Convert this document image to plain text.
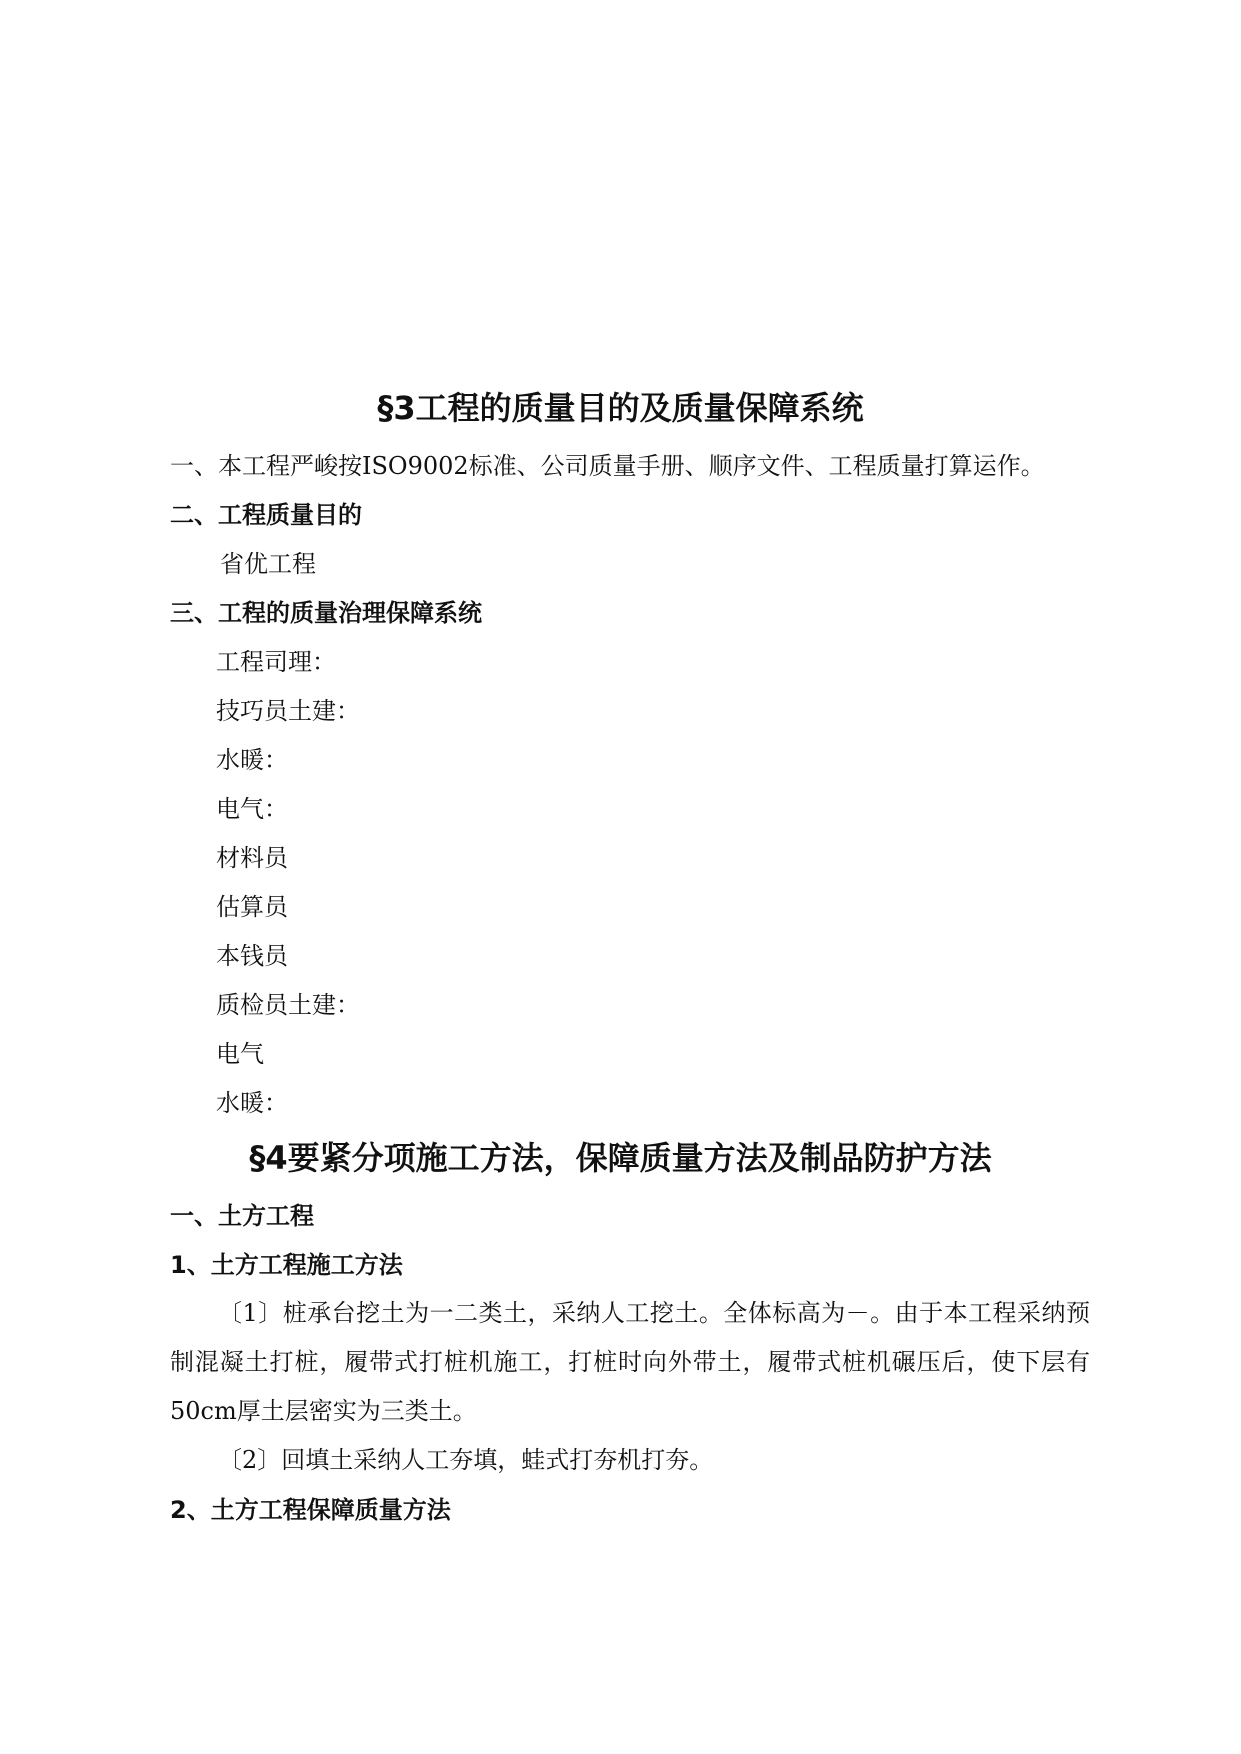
§3工程的质量目的及质量保障系统
一、本工程严峻按ISO9002标准、公司质量手册、顺序文件、工程质量打算运作。
二、工程质量目的
省优工程
三、工程的质量治理保障系统
工程司理：
技巧员土建：
水暖：
电气：
材料员
估算员
本钱员
质检员土建：
电气
水暖：
§4要紧分项施工方法，保障质量方法及制品防护方法
一、土方工程
1、土方工程施工方法
〔1〕桩承台挖土为一二类土，采纳人工挖土。全体标高为－。由于本工程采纳预制混凝土打桩，履带式打桩机施工，打桩时向外带土，履带式桩机碾压后，使下层有50cm厚土层密实为三类土。
〔2〕回填土采纳人工夯填，蛙式打夯机打夯。
2、土方工程保障质量方法
